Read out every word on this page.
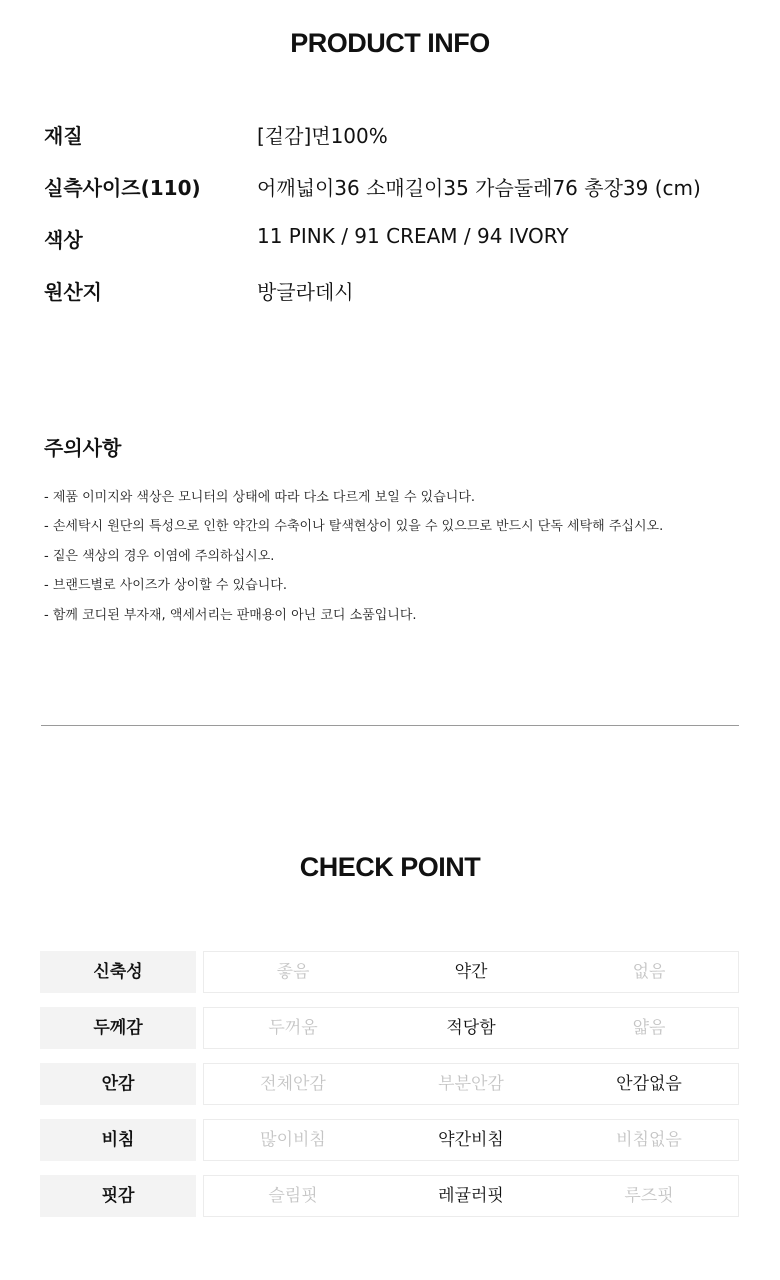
PRODUCT INFO
재질	[겉감]면100%
실측사이즈(110)	어깨넓이36 소매길이35 가슴둘레76 총장39 (cm)
색상	11 PINK / 91 CREAM / 94 IVORY
원산지	방글라데시
주의사항
- 제품 이미지와 색상은 모니터의 상태에 따라 다소 다르게 보일 수 있습니다.
- 손세탁시 원단의 특성으로 인한 약간의 수축이나 탈색현상이 있을 수 있으므로 반드시 단독 세탁해 주십시오.
- 짙은 색상의 경우 이염에 주의하십시오.
- 브랜드별로 사이즈가 상이할 수 있습니다.
- 함께 코디된 부자재, 액세서리는 판매용이 아닌 코디 소품입니다.
CHECK POINT
신축성	좋음	약간	없음
두께감	두꺼움	적당함	얇음
안감	전체안감	부분안감	안감없음
비침	많이비침	약간비침	비침없음
핏감	슬림핏	레귤러핏	루즈핏
